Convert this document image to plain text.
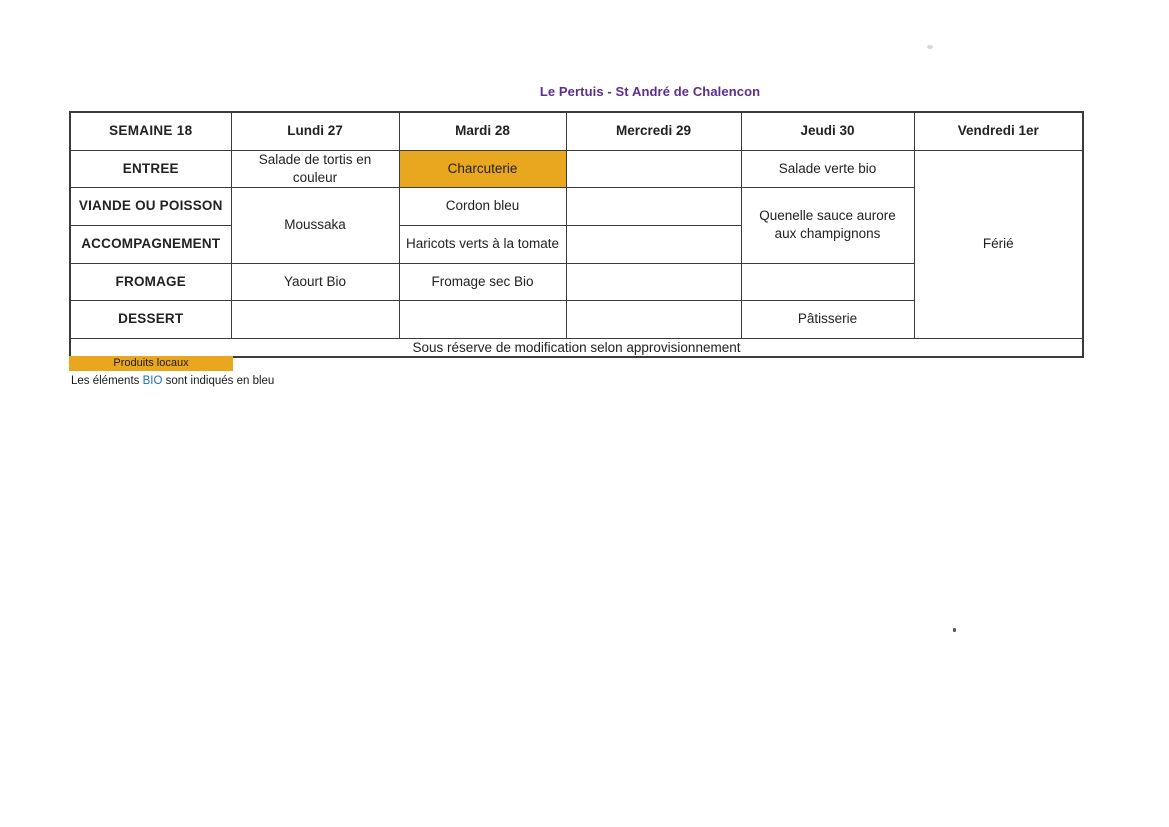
Le Pertuis - St André de Chalencon
SEMAINE 18	Lundi 27	Mardi 28	Mercredi 29	Jeudi 30	Vendredi 1er
ENTREE	Salade de tortis en couleur	Charcuterie		Salade verte bio	Férié
VIANDE OU POISSON	Moussaka	Cordon bleu		Quenelle sauce aurore aux champignons	
ACCOMPAGNEMENT		Haricots verts à la tomate			
FROMAGE	Yaourt Bio	Fromage sec Bio			
DESSERT				Pâtisserie	
Sous réserve de modification selon approvisionnement					
Produits locaux
Les éléments BIO sont indiqués en bleu
